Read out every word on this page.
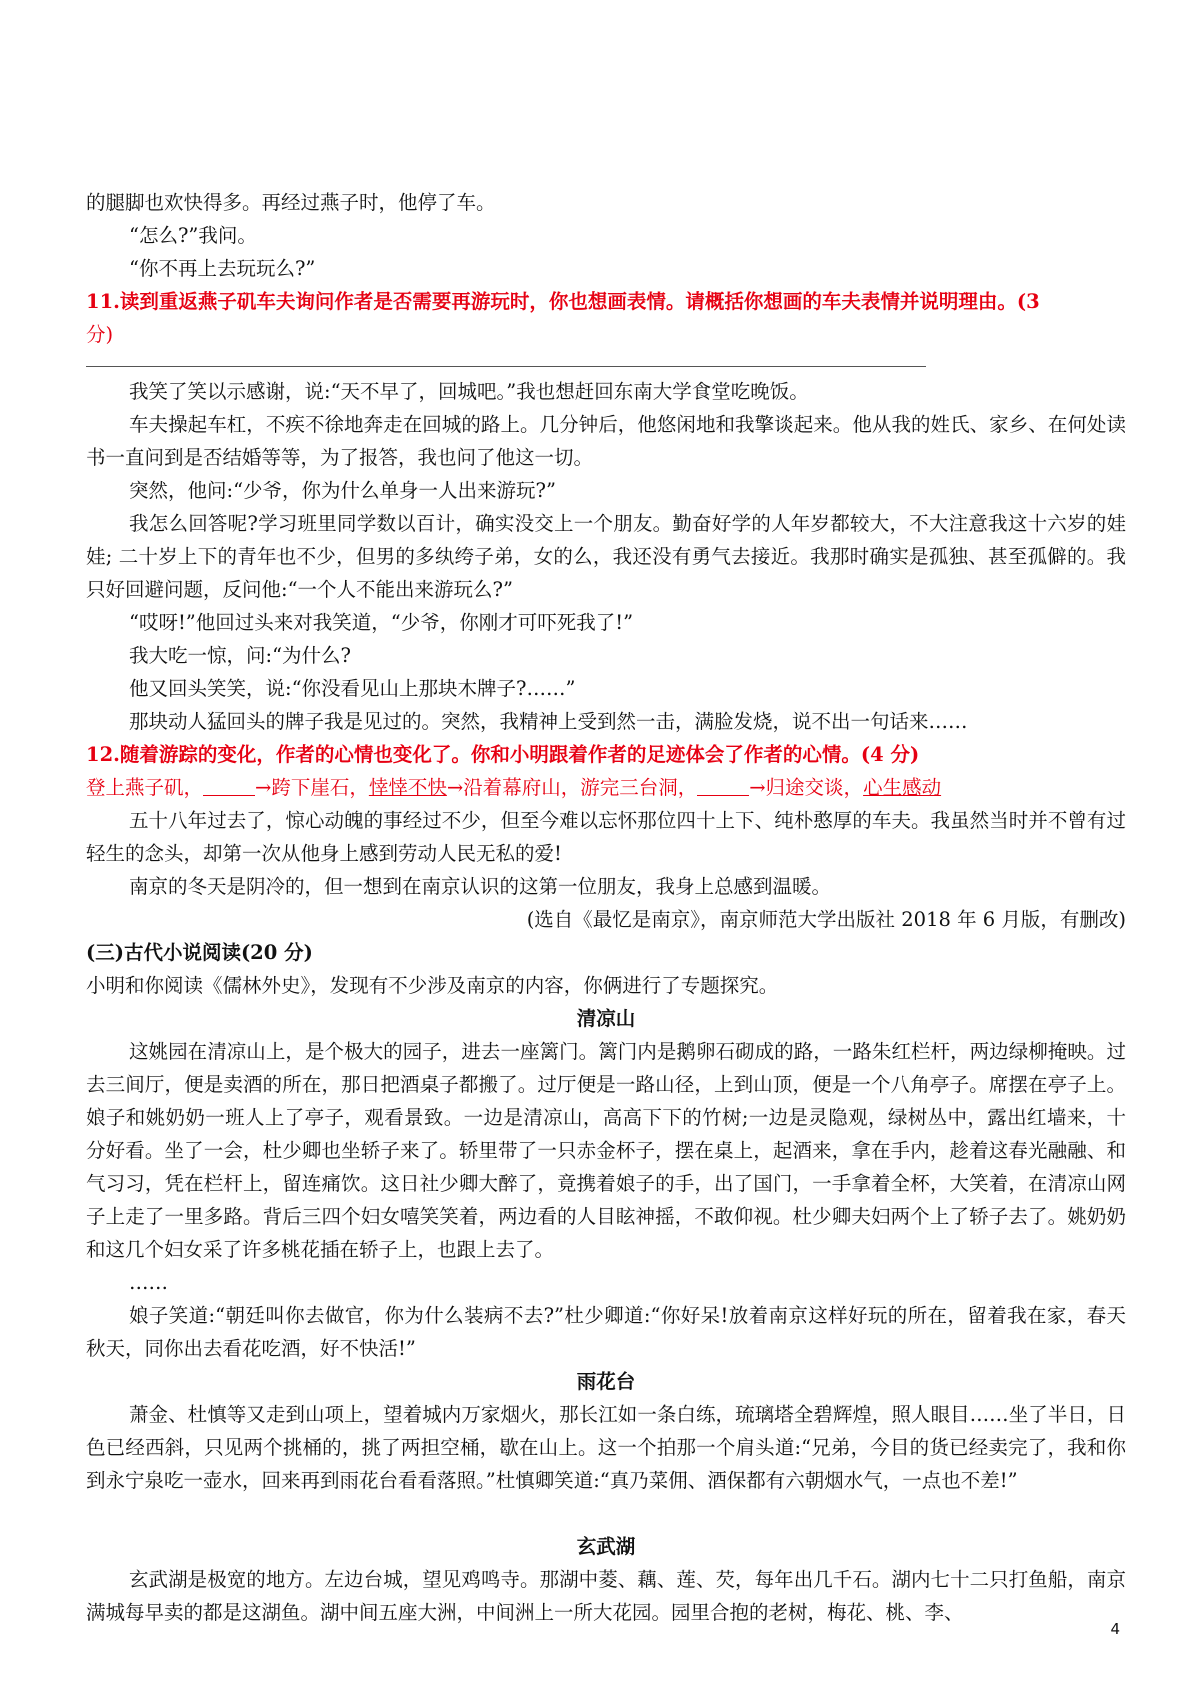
的腿脚也欢快得多。再经过燕子时，他停了车。
“怎么?”我问。
“你不再上去玩玩么?”
11.读到重返燕子矶车夫询问作者是否需要再游玩时，你也想画表情。请概括你想画的车夫表情并说明理由。(3
分)
我笑了笑以示感谢，说:“天不早了，回城吧。”我也想赶回东南大学食堂吃晚饭。
车夫操起车杠，不疾不徐地奔走在回城的路上。几分钟后，他悠闲地和我擎谈起来。他从我的姓氏、家乡、在何处读书一直问到是否结婚等等，为了报答，我也问了他这一切。
突然，他问:“少爷，你为什么单身一人出来游玩?”
我怎么回答呢?学习班里同学数以百计，确实没交上一个朋友。勤奋好学的人年岁都较大，不大注意我这十六岁的娃娃; 二十岁上下的青年也不少，但男的多纨绔子弟，女的么，我还没有勇气去接近。我那时确实是孤独、甚至孤僻的。我只好回避问题，反问他:“一个人不能出来游玩么?”
“哎呀!”他回过头来对我笑道，“少爷，你刚才可吓死我了!”
我大吃一惊，问:“为什么?
他又回头笑笑，说:“你没看见山上那块木牌子?……”
那块动人猛回头的牌子我是见过的。突然，我精神上受到然一击，满脸发烧，说不出一句话来……
12.随着游踪的变化，作者的心情也变化了。你和小明跟着作者的足迹体会了作者的心情。(4 分)
登上燕子矶，	→跨下崖石，悻悻不快→沿着幕府山，游完三台洞，	→归途交谈，心生感动
五十八年过去了，惊心动魄的事经过不少，但至今难以忘怀那位四十上下、纯朴憨厚的车夫。我虽然当时并不曾有过轻生的念头，却第一次从他身上感到劳动人民无私的爱!
南京的冬天是阴冷的，但一想到在南京认识的这第一位朋友，我身上总感到温暖。
(选自《最忆是南京》，南京师范大学出版社 2018 年 6 月版，有删改)
(三)古代小说阅读(20 分)
小明和你阅读《儒林外史》，发现有不少涉及南京的内容，你俩进行了专题探究。
清凉山
这姚园在清凉山上，是个极大的园子，进去一座篱门。篱门内是鹅卵石砌成的路，一路朱红栏杆，两边绿柳掩映。过去三间厅，便是卖酒的所在，那日把酒桌子都搬了。过厅便是一路山径，上到山顶，便是一个八角亭子。席摆在亭子上。娘子和姚奶奶一班人上了亭子，观看景致。一边是清凉山，高高下下的竹树;一边是灵隐观，绿树丛中，露出红墙来，十分好看。坐了一会，杜少卿也坐轿子来了。轿里带了一只赤金杯子，摆在桌上，起酒来，拿在手内，趁着这春光融融、和气习习，凭在栏杆上，留连痛饮。这日社少卿大醉了，竟携着娘子的手，出了国门，一手拿着全杯，大笑着，在清凉山网子上走了一里多路。背后三四个妇女嘻笑笑着，两边看的人目眩神摇，不敢仰视。杜少卿夫妇两个上了轿子去了。姚奶奶和这几个妇女采了许多桃花插在轿子上，也跟上去了。
……
娘子笑道:“朝廷叫你去做官，你为什么装病不去?”杜少卿道:“你好呆!放着南京这样好玩的所在，留着我在家，春天秋天，同你出去看花吃酒，好不快活!”
雨花台
萧金、杜慎等又走到山项上，望着城内万家烟火，那长江如一条白练，琉璃塔全碧辉煌，照人眼目……坐了半日，日色已经西斜，只见两个挑桶的，挑了两担空桶，歇在山上。这一个拍那一个肩头道:“兄弟，今目的货已经卖完了，我和你到永宁泉吃一壶水，回来再到雨花台看看落照。”杜慎卿笑道:“真乃菜佣、酒保都有六朝烟水气，一点也不差!”
玄武湖
玄武湖是极宽的地方。左边台城，望见鸡鸣寺。那湖中菱、藕、莲、芡，每年出几千石。湖内七十二只打鱼船，南京满城每早卖的都是这湖鱼。湖中间五座大洲，中间洲上一所大花园。园里合抱的老树，梅花、桃、李、
4
